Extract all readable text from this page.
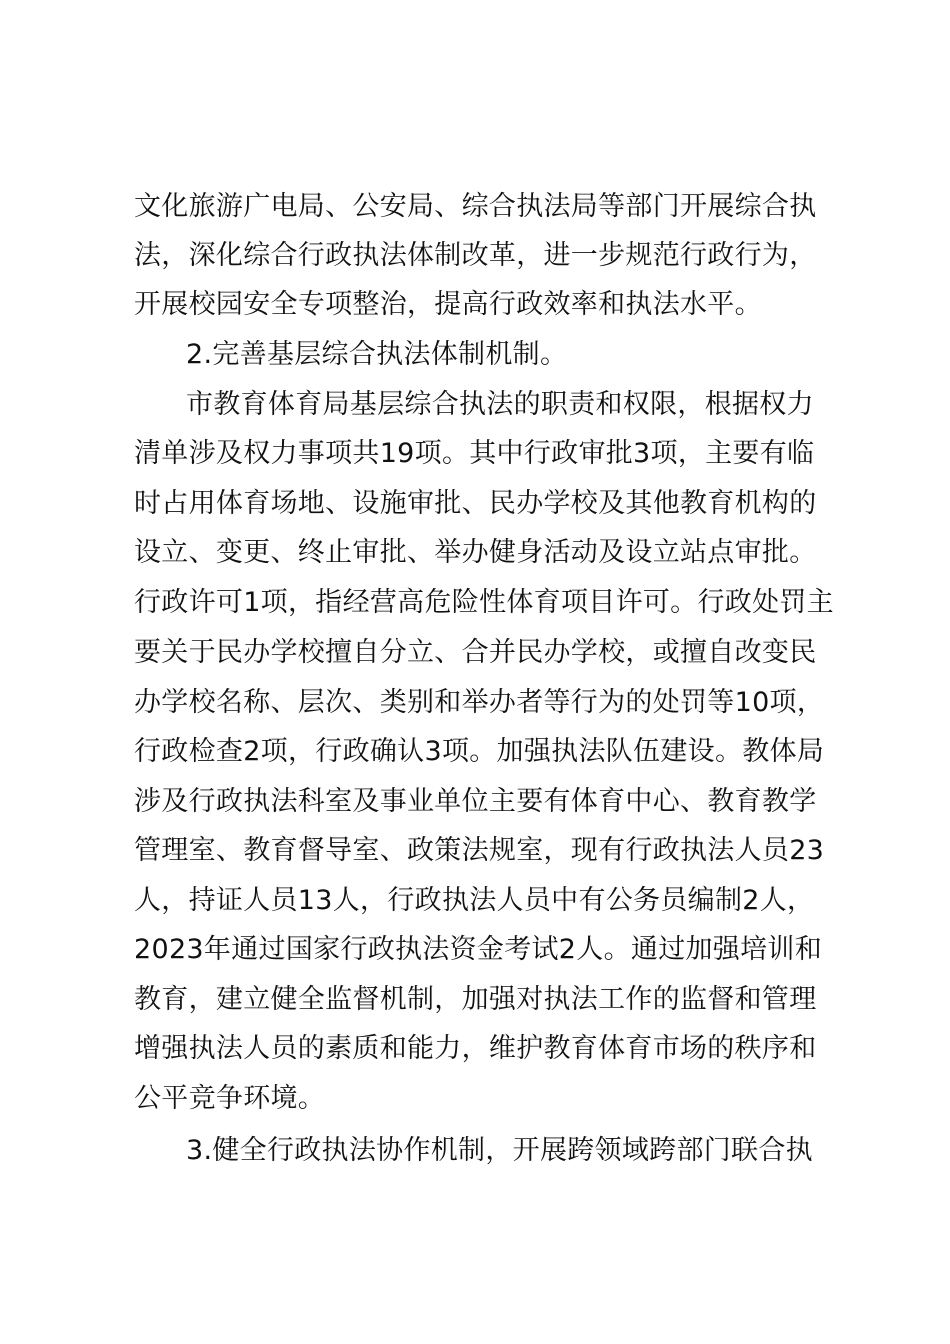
文化旅游广电局、公安局、综合执法局等部门开展综合执
法，深化综合行政执法体制改革，进一步规范行政行为，
开展校园安全专项整治，提高行政效率和执法水平。
2.完善基层综合执法体制机制。
市教育体育局基层综合执法的职责和权限，根据权力
清单涉及权力事项共19项。其中行政审批3项，主要有临
时占用体育场地、设施审批、民办学校及其他教育机构的
设立、变更、终止审批、举办健身活动及设立站点审批。
行政许可1项，指经营高危险性体育项目许可。行政处罚主
要关于民办学校擅自分立、合并民办学校，或擅自改变民
办学校名称、层次、类别和举办者等行为的处罚等10项，
行政检查2项，行政确认3项。加强执法队伍建设。教体局
涉及行政执法科室及事业单位主要有体育中心、教育教学
管理室、教育督导室、政策法规室，现有行政执法人员23
人，持证人员13人，行政执法人员中有公务员编制2人，
2023年通过国家行政执法资金考试2人。通过加强培训和
教育，建立健全监督机制，加强对执法工作的监督和管理
增强执法人员的素质和能力，维护教育体育市场的秩序和
公平竞争环境。
3.健全行政执法协作机制，开展跨领域跨部门联合执
